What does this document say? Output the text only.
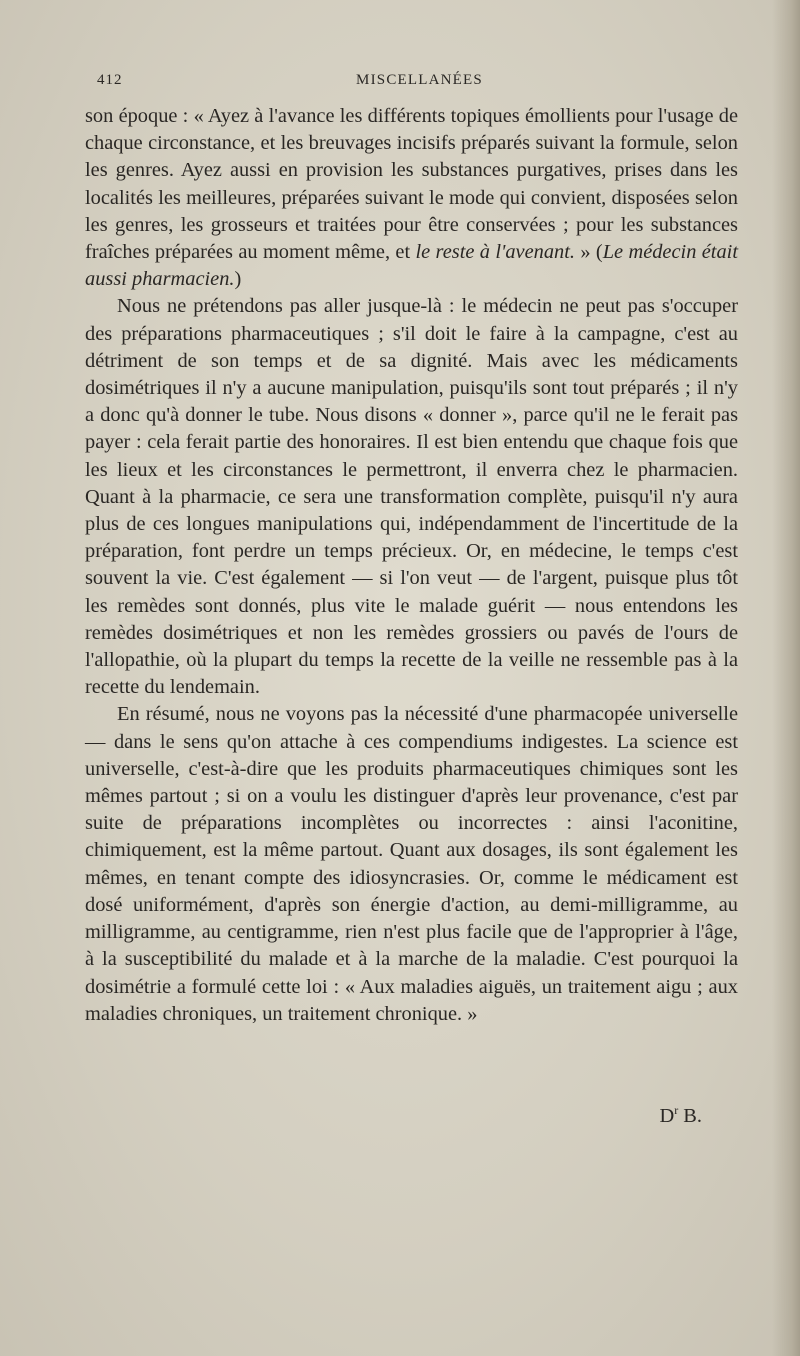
412	MISCELLANÉES

son époque : « Ayez à l'avance les différents topiques émollients pour l'usage de chaque circonstance, et les breuvages incisifs préparés suivant la formule, selon les genres. Ayez aussi en provision les substances purgatives, prises dans les localités les meilleures, préparées suivant le mode qui convient, disposées selon les genres, les grosseurs et traitées pour être conservées ; pour les substances fraîches préparées au moment même, et le reste à l'avenant. » (Le médecin était aussi pharmacien.)

Nous ne prétendons pas aller jusque-là : le médecin ne peut pas s'occuper des préparations pharmaceutiques ; s'il doit le faire à la campagne, c'est au détriment de son temps et de sa dignité. Mais avec les médicaments dosimétriques il n'y a aucune manipulation, puisqu'ils sont tout préparés ; il n'y a donc qu'à donner le tube. Nous disons « donner », parce qu'il ne le ferait pas payer : cela ferait partie des honoraires. Il est bien entendu que chaque fois que les lieux et les circonstances le permettront, il enverra chez le pharmacien. Quant à la pharmacie, ce sera une transformation complète, puisqu'il n'y aura plus de ces longues manipulations qui, indépendamment de l'incertitude de la préparation, font perdre un temps précieux. Or, en médecine, le temps c'est souvent la vie. C'est également — si l'on veut — de l'argent, puisque plus tôt les remèdes sont donnés, plus vite le malade guérit — nous entendons les remèdes dosimétriques et non les remèdes grossiers ou pavés de l'ours de l'allopathie, où la plupart du temps la recette de la veille ne ressemble pas à la recette du lendemain.

En résumé, nous ne voyons pas la nécessité d'une pharmacopée universelle — dans le sens qu'on attache à ces compendiums indigestes. La science est universelle, c'est-à-dire que les produits pharmaceutiques chimiques sont les mêmes partout ; si on a voulu les distinguer d'après leur provenance, c'est par suite de préparations incomplètes ou incorrectes : ainsi l'aconitine, chimiquement, est la même partout. Quant aux dosages, ils sont également les mêmes, en tenant compte des idiosyncrasies. Or, comme le médicament est dosé uniformément, d'après son énergie d'action, au demi-milligramme, au milligramme, au centigramme, rien n'est plus facile que de l'approprier à l'âge, à la susceptibilité du malade et à la marche de la maladie. C'est pourquoi la dosimétrie a formulé cette loi : « Aux maladies aiguës, un traitement aigu ; aux maladies chroniques, un traitement chronique. »

$D^r$ B.
